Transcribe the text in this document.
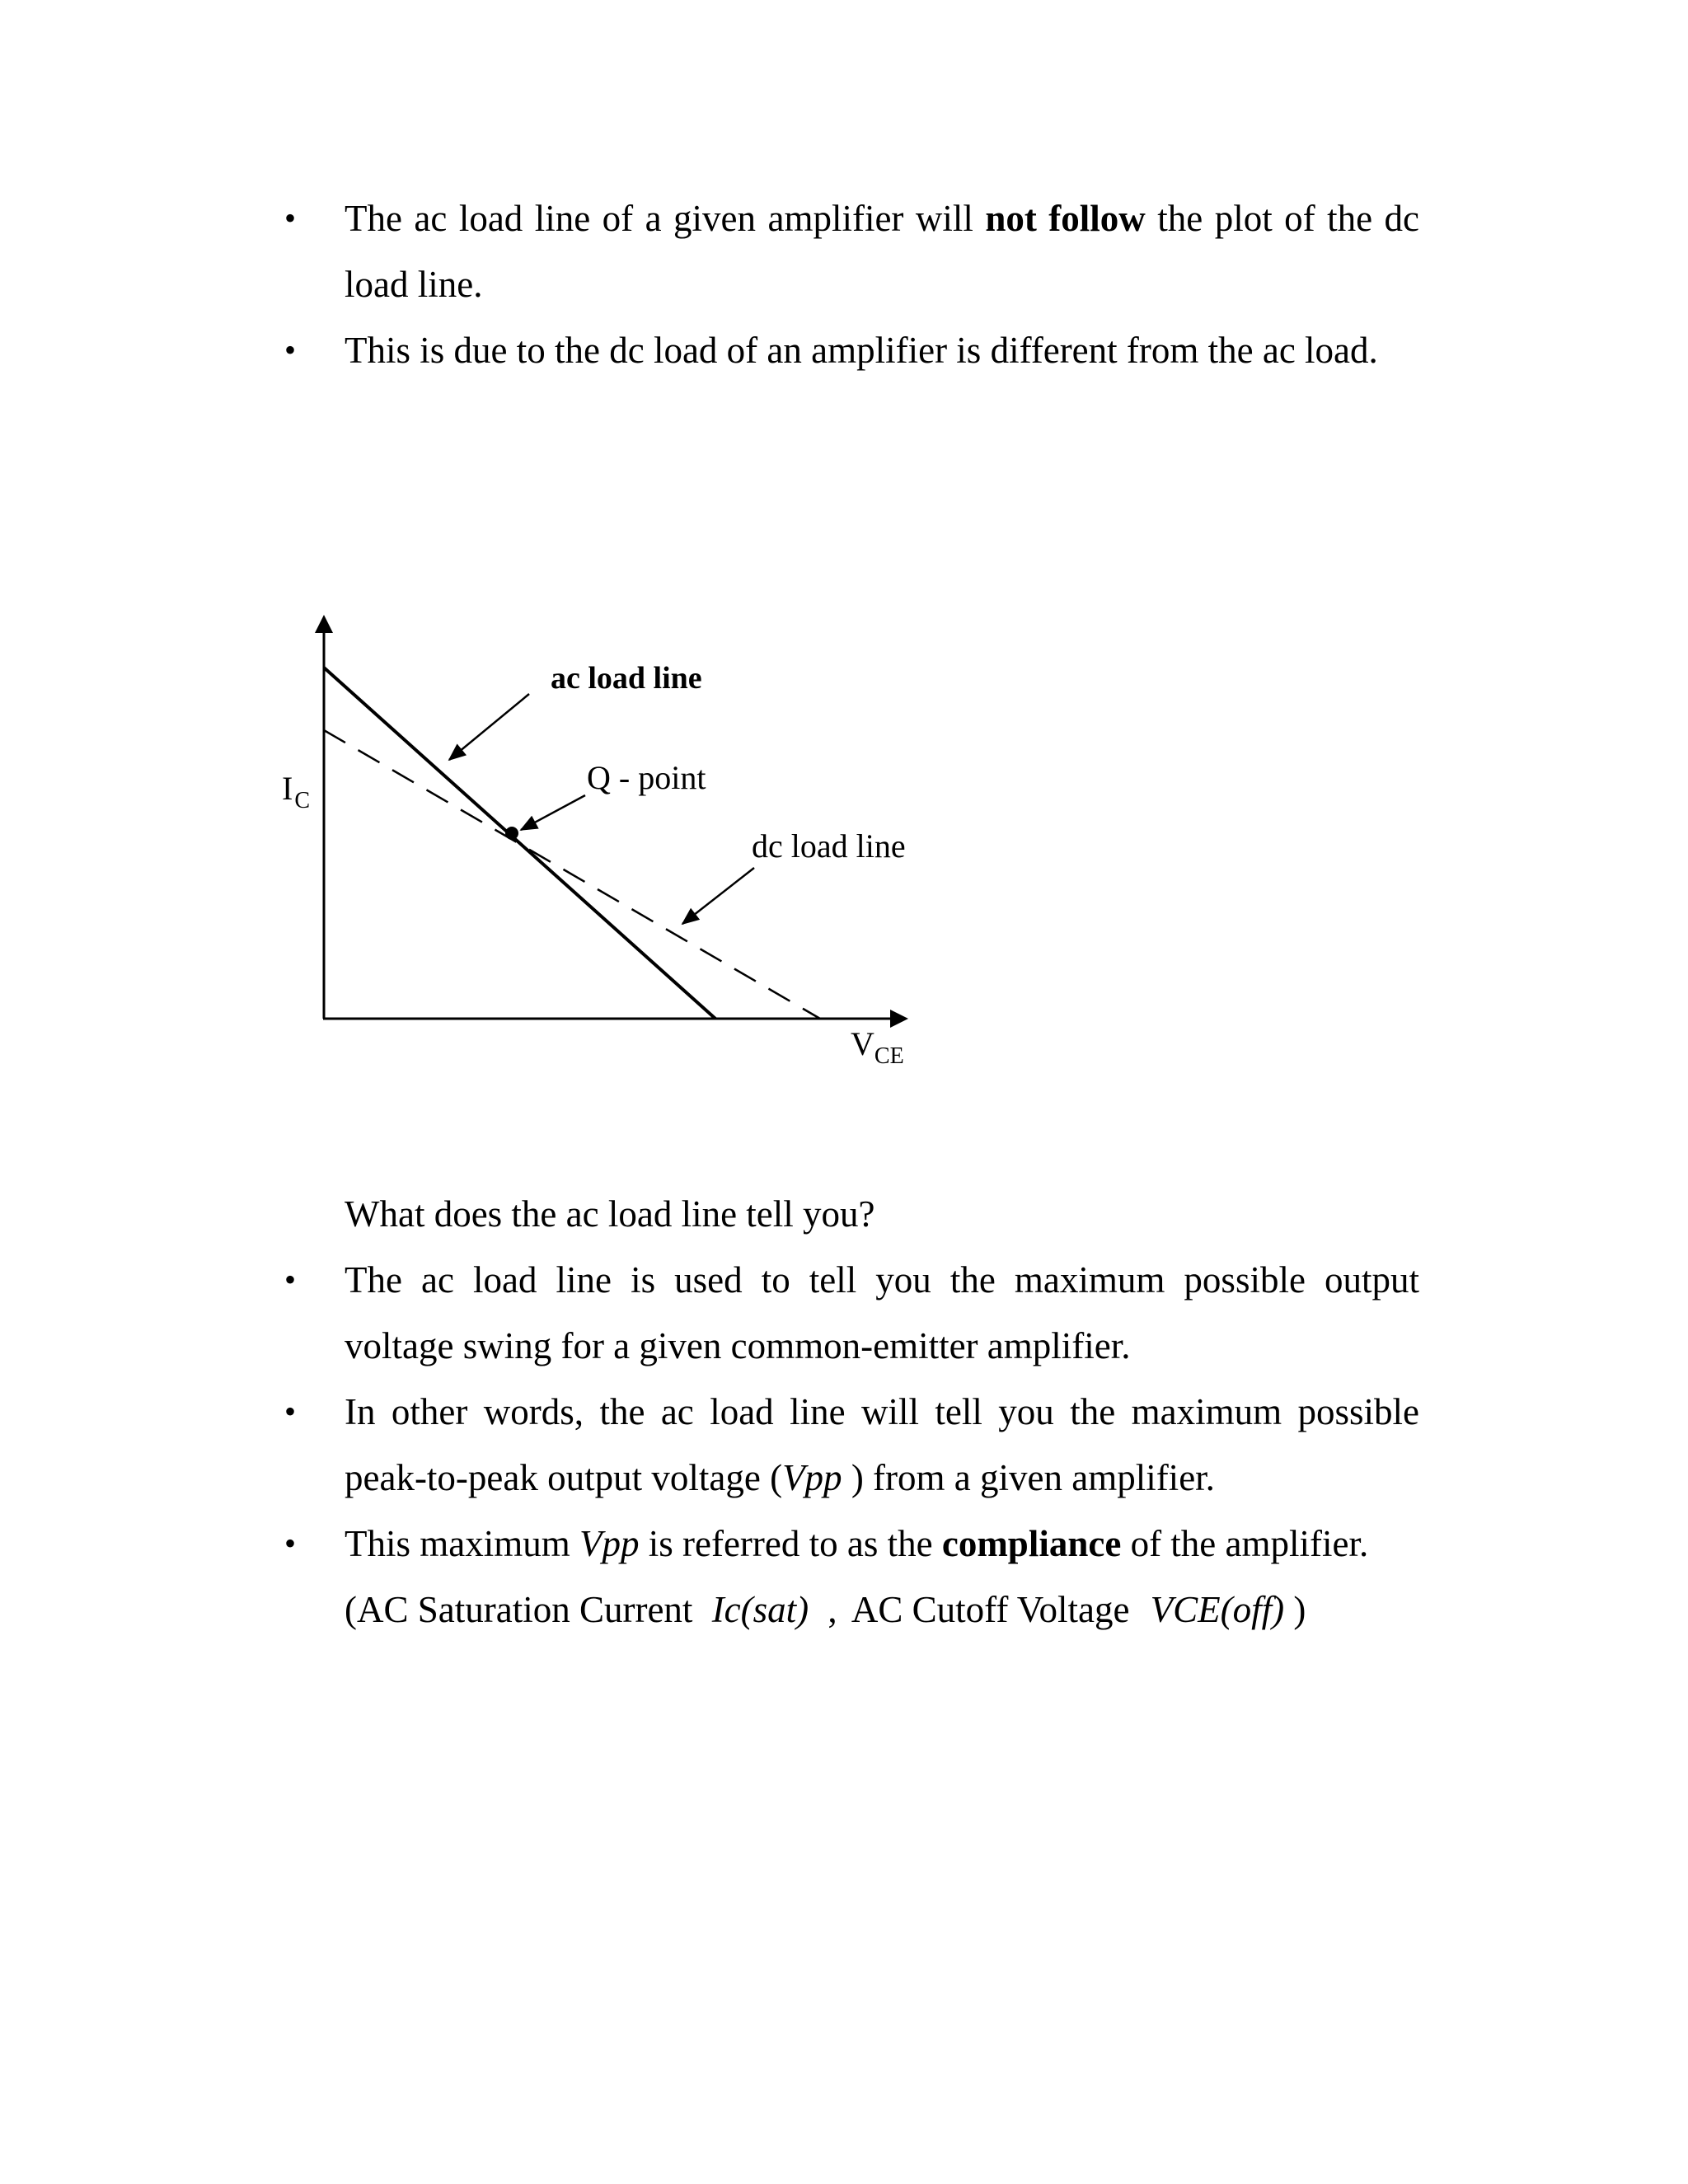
• The ac load line of a given amplifier will not follow the plot of the dc
load line.
• This is due to the dc load of an amplifier is different from the ac load.
$I_C$
ac load line
Q - point
dc load line
$V_{CE}$
What does the ac load line tell you?
• The ac load line is used to tell you the maximum possible output
voltage swing for a given common-emitter amplifier.
• In other words, the ac load line will tell you the maximum possible
peak-to-peak output voltage (Vpp ) from a given amplifier.
• This maximum Vpp is referred to as the compliance of the amplifier.
(AC Saturation Current Ic(sat) , AC Cutoff Voltage VCE(off) )
